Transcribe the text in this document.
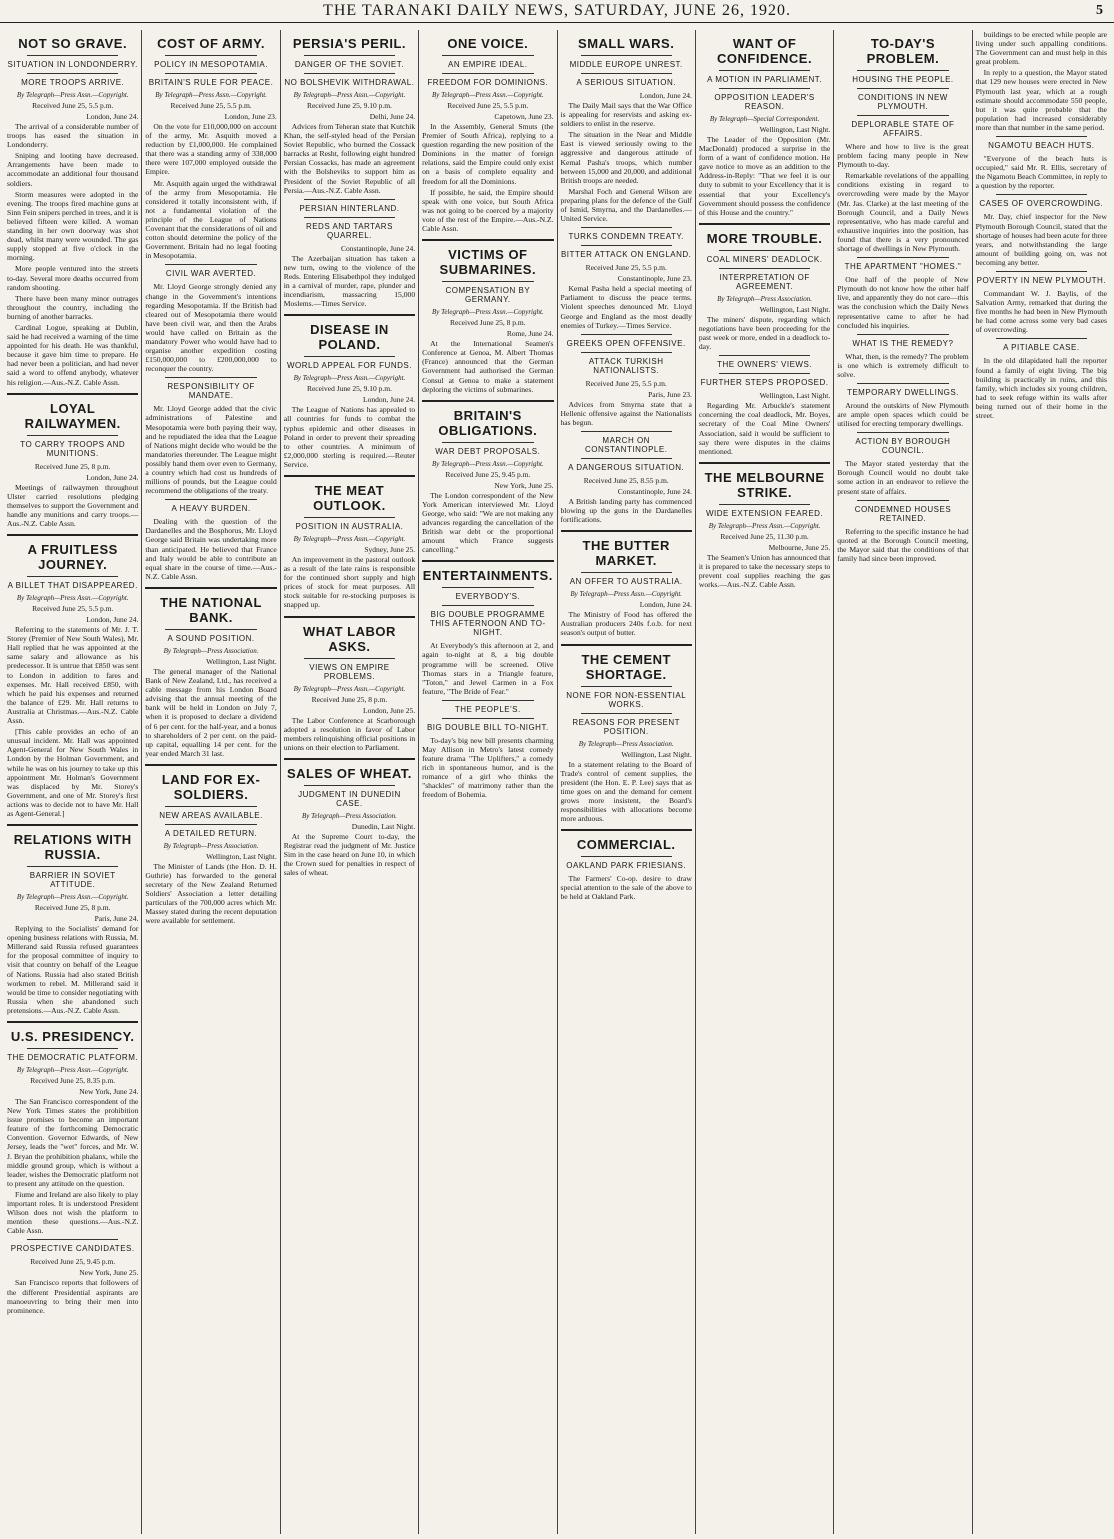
THE TARANAKI DAILY NEWS, SATURDAY, JUNE 26, 1920.	5
NOT SO GRAVE.
SITUATION IN LONDONDERRY.
MORE TROOPS ARRIVE.
By Telegraph—Press Assn.—Copyright.
Received June 25, 5.5 p.m.
London, June 24.

The arrival of a considerable number of troops has eased the situation in Londonderry.

Sniping and looting have decreased. Arrangements have been made to accommodate an additional four thousand soldiers.

Storm measures were adopted in the evening. The troops fired machine guns at Sinn Fein snipers perched in trees, and it is believed fifteen were killed. A woman standing in her own doorway was shot dead, whilst many were wounded. The gas supply stopped at five o'clock in the morning.

More people ventured into the streets to-day. Several more deaths occurred from random shooting.

There have been many minor outrages throughout the country, including the burning of another barracks.

Cardinal Logue, speaking at Dublin, said he had received a warning of the time appointed for his death. He was thankful, because it gave him time to prepare. He had never been a politician, and had never said a word to offend anybody, whatever his religion.—Aus.-N.Z. Cable Assn.

LOYAL RAILWAYMEN.
TO CARRY TROOPS AND MUNITIONS.
Received June 25, 8 p.m.
London, June 24.

Meetings of railwaymen throughout Ulster carried resolutions pledging themselves to support the Government and handle any munitions and carry troops.—Aus.-N.Z. Cable Assn.

A FRUITLESS JOURNEY.
A BILLET THAT DISAPPEARED.
By Telegraph—Press Assn.—Copyright.
Received June 25, 5.5 p.m.
London, June 24.

Referring to the statements of Mr. J. T. Storey (Premier of New South Wales), Mr. Hall replied that he was appointed at the same salary and allowance as his predecessor. It is untrue that £850 was sent to London in addition to fares and expenses. Mr. Hall received £850, with which he paid his expenses and returned the balance of £29. Mr. Hall returns to Australia at Christmas.—Aus.-N.Z. Cable Assn.

[This cable provides an echo of an unusual incident. Mr. Hall was appointed Agent-General for New South Wales in London by the Holman Government, and while he was on his journey to take up this appointment Mr. Holman's Government was displaced by Mr. Storey's Government, and one of Mr. Storey's first actions was to decide not to have Mr. Hall as Agent-General.]

RELATIONS WITH RUSSIA.
BARRIER IN SOVIET ATTITUDE.
By Telegraph—Press Assn.—Copyright.
Received June 25, 8 p.m.
Paris, June 24.

Replying to the Socialists' demand for opening business relations with Russia, M. Millerand said Russia refused guarantees for the proposal committee of inquiry to visit that country on behalf of the League of Nations. Russia had also stated British workmen to rebel. M. Millerand said it would be time to consider negotiating with Russia when she abandoned such pretensions.—Aus.-N.Z. Cable Assn.

U.S. PRESIDENCY.
THE DEMOCRATIC PLATFORM.
By Telegraph—Press Assn.—Copyright.
Received June 25, 8.35 p.m.
New York, June 24.

The San Francisco correspondent of the New York Times states the prohibition issue promises to become an important feature of the forthcoming Democratic Convention. Governor Edwards, of New Jersey, leads the "wet" forces, and Mr. W. J. Bryan the prohibition phalanx, while the middle ground group, which is without a leader, wishes the Democratic platform not to present any attitude on the question.

Fiume and Ireland are also likely to play important roles. It is understood President Wilson does not wish the platform to mention these questions.—Aus.-N.Z. Cable Assn.

PROSPECTIVE CANDIDATES.
Received June 25, 9.45 p.m.
New York, June 25.

San Francisco reports that followers of the different Presidential aspirants are manoeuvring to bring their men into prominence.

COST OF ARMY.
POLICY IN MESOPOTAMIA.
BRITAIN'S RULE FOR PEACE.
By Telegraph—Press Assn.—Copyright.
Received June 25, 5.5 p.m.
London, June 23.

On the vote for £10,000,000 on account of the army, Mr. Asquith moved a reduction by £1,000,000. He complained that there was a standing army of 338,000 there were 107,000 employed outside the Empire.

Mr. Asquith again urged the withdrawal of the army from Mesopotamia. He considered it totally inconsistent with, if not a fundamental violation of the principle of the League of Nations Covenant that the considerations of oil and cotton should determine the policy of the Government. Britain had no legal footing in Mesopotamia.

CIVIL WAR AVERTED.

Mr. Lloyd George strongly denied any change in the Government's intentions regarding Mesopotamia. If the British had cleared out of Mesopotamia there would have been civil war, and then the Arabs would have called on Britain as the mandatory Power who would have had to organise another expedition costing £150,000,000 to £200,000,000 to reconquer the country.

RESPONSIBILITY OF MANDATE.

Mr. Lloyd George added that the civic administrations of Palestine and Mesopotamia were both paying their way, and he repudiated the idea that the League of Nations might decide who would be the mandatories thereunder. The League might possibly hand them over even to Germany, a country which had cost us hundreds of millions of pounds, but the League could recommend the obligations of the treaty.

A HEAVY BURDEN.

Dealing with the question of the Dardanelles and the Bosphorus, Mr. Lloyd George said Britain was undertaking more than anticipated. He believed that France and Italy would be able to contribute an equal share in the course of time.—Aus.-N.Z. Cable Assn.

THE NATIONAL BANK.
A SOUND POSITION.
By Telegraph—Press Association.
Wellington, Last Night.

The general manager of the National Bank of New Zealand, Ltd., has received a cable message from his London Board advising that the annual meeting of the bank will be held in London on July 7, when it is proposed to declare a dividend of 6 per cent. for the half-year, and a bonus to shareholders of 2 per cent. on the paid-up capital, equalling 14 per cent. for the year ended March 31 last.

LAND FOR EX-SOLDIERS.
NEW AREAS AVAILABLE.
A DETAILED RETURN.
By Telegraph—Press Association.
Wellington, Last Night.

The Minister of Lands (the Hon. D. H. Guthrie) has forwarded to the general secretary of the New Zealand Returned Soldiers' Association a letter detailing particulars of the 700,000 acres which Mr. Massey stated during the recent deputation were available for settlement.

PERSIA'S PERIL.
DANGER OF THE SOVIET.
NO BOLSHEVIK WITHDRAWAL.
By Telegraph—Press Assn.—Copyright.
Received June 25, 9.10 p.m.
Delhi, June 24.

Advices from Teheran state that Kutchik Khan, the self-styled head of the Persian Soviet Republic, who burned the Cossack barracks at Resht, following eight hundred Persian Cossacks, has made an agreement with the Bolsheviks to support him as President of the Soviet Republic of all Persia.—Aus.-N.Z. Cable Assn.

PERSIAN HINTERLAND.
REDS AND TARTARS QUARREL.
Constantinople, June 24.

The Azerbaijan situation has taken a new turn, owing to the violence of the Reds. Entering Elisabethpol they indulged in a carnival of murder, rape, plunder and incendiarism, massacring 15,000 Moslems.—Times Service.

DISEASE IN POLAND.
WORLD APPEAL FOR FUNDS.
By Telegraph—Press Assn.—Copyright.
Received June 25, 9.10 p.m.
London, June 24.

The League of Nations has appealed to all countries for funds to combat the typhus epidemic and other diseases in Poland in order to prevent their spreading to other countries. A minimum of £2,000,000 sterling is required.—Reuter Service.

THE MEAT OUTLOOK.
POSITION IN AUSTRALIA.
By Telegraph—Press Assn.—Copyright.
Sydney, June 25.

An improvement in the pastoral outlook as a result of the late rains is responsible for the continued short supply and high prices of stock for meat purposes. All stock suitable for re-stocking purposes is snapped up.

WHAT LABOR ASKS.
VIEWS ON EMPIRE PROBLEMS.
By Telegraph—Press Assn.—Copyright.
Received June 25, 8 p.m.
London, June 25.

The Labor Conference at Scarborough adopted a resolution in favor of Labor members relinquishing official positions in unions on their election to Parliament.

SALES OF WHEAT.
JUDGMENT IN DUNEDIN CASE.
By Telegraph—Press Association.
Dunedin, Last Night.

At the Supreme Court to-day, the Registrar read the judgment of Mr. Justice Sim in the case heard on June 10, in which the Crown sued for penalties in respect of sales of wheat.

ONE VOICE.
AN EMPIRE IDEAL.
FREEDOM FOR DOMINIONS.
By Telegraph—Press Assn.—Copyright.
Received June 25, 5.5 p.m.
Capetown, June 23.

In the Assembly, General Smuts (the Premier of South Africa), replying to a question regarding the new position of the Dominions in the matter of foreign relations, said the Empire could only exist on a basis of complete equality and freedom for all the Dominions.

If possible, he said, the Empire should speak with one voice, but South Africa was not going to be coerced by a majority vote of the rest of the Empire.—Aus.-N.Z. Cable Assn.

VICTIMS OF SUBMARINES.
COMPENSATION BY GERMANY.
By Telegraph—Press Assn.—Copyright.
Received June 25, 8 p.m.
Rome, June 24.

At the International Seamen's Conference at Genoa, M. Albert Thomas (France) announced that the German Government had authorised the German Consul at Genoa to make a statement deploring the victims of submarines.

BRITAIN'S OBLIGATIONS.
WAR DEBT PROPOSALS.
By Telegraph—Press Assn.—Copyright.
Received June 25, 9.45 p.m.
New York, June 25.

The London correspondent of the New York American interviewed Mr. Lloyd George, who said: "We are not making any advances regarding the cancellation of the British war debt or the proportional amount which France suggests cancelling."

ENTERTAINMENTS.
EVERYBODY'S.
BIG DOUBLE PROGRAMME THIS AFTERNOON AND TO-NIGHT.

At Everybody's this afternoon at 2, and again to-night at 8, a big double programme will be screened. Olive Thomas stars in a Triangle feature, "Toton," and Jewel Carmen in a Fox feature, "The Bride of Fear."

THE PEOPLE'S.
BIG DOUBLE BILL TO-NIGHT.

To-day's big new bill presents charming May Allison in Metro's latest comedy feature drama "The Uplifters," a comedy rich in spontaneous humor, and is the romance of a girl who thinks the "shackles" of matrimony rather than the freedom of Bohemia.

SMALL WARS.
MIDDLE EUROPE UNREST.
A SERIOUS SITUATION.
London, June 24.

The Daily Mail says that the War Office is appealing for reservists and asking ex-soldiers to enlist in the reserve.

The situation in the Near and Middle East is viewed seriously owing to the aggressive and dangerous attitude of Kemal Pasha's troops, which number between 15,000 and 20,000, and additional British troops are needed.

Marshal Foch and General Wilson are preparing plans for the defence of the Gulf of Ismid, Smyrna, and the Dardanelles.—United Service.

TURKS CONDEMN TREATY.
BITTER ATTACK ON ENGLAND.
Received June 25, 5.5 p.m.
Constantinople, June 23.

Kemal Pasha held a special meeting of Parliament to discuss the peace terms. Violent speeches denounced Mr. Lloyd George and England as the most deadly enemies of Turkey.—Times Service.

GREEKS OPEN OFFENSIVE.
ATTACK TURKISH NATIONALISTS.
Received June 25, 5.5 p.m.
Paris, June 23.

Advices from Smyrna state that a Hellenic offensive against the Nationalists has begun.

MARCH ON CONSTANTINOPLE.
A DANGEROUS SITUATION.
Received June 25, 8.55 p.m.
Constantinople, June 24.

A British landing party has commenced blowing up the guns in the Dardanelles fortifications.

THE BUTTER MARKET.
AN OFFER TO AUSTRALIA.
By Telegraph—Press Assn.—Copyright.
London, June 24.

The Ministry of Food has offered the Australian producers 240s f.o.b. for next season's output of butter.

THE CEMENT SHORTAGE.
NONE FOR NON-ESSENTIAL WORKS.
REASONS FOR PRESENT POSITION.
By Telegraph—Press Association.
Wellington, Last Night.

In a statement relating to the Board of Trade's control of cement supplies, the president (the Hon. E. P. Lee) says that as time goes on and the demand for cement grows more insistent, the Board's responsibilities with allocations become more arduous.

COMMERCIAL.
OAKLAND PARK FRIESIANS.

The Farmers' Co-op. desire to draw special attention to the sale of the above to be held at Oakland Park.

WANT OF CONFIDENCE.
A MOTION IN PARLIAMENT.
OPPOSITION LEADER'S REASON.
By Telegraph—Special Correspondent.
Wellington, Last Night.

The Leader of the Opposition (Mr. MacDonald) produced a surprise in the form of a want of confidence motion. He gave notice to move as an addition to the Address-in-Reply: "That we feel it is our duty to submit to your Excellency that it is essential that your Excellency's Government should possess the confidence of this House and the country."

MORE TROUBLE.
COAL MINERS' DEADLOCK.
INTERPRETATION OF AGREEMENT.
By Telegraph—Press Association.
Wellington, Last Night.

The miners' dispute, regarding which negotiations have been proceeding for the past week or more, ended in a deadlock to-day.

THE OWNERS' VIEWS.
FURTHER STEPS PROPOSED.
Wellington, Last Night.

Regarding Mr. Arbuckle's statement concerning the coal deadlock, Mr. Boyes, secretary of the Coal Mine Owners' Association, said it would be sufficient to say there were disputes in the claims mentioned.

THE MELBOURNE STRIKE.
WIDE EXTENSION FEARED.
By Telegraph—Press Assn.—Copyright.
Received June 25, 11.30 p.m.
Melbourne, June 25.

The Seamen's Union has announced that it is prepared to take the necessary steps to prevent coal supplies reaching the gas works.—Aus.-N.Z. Cable Assn.

TO-DAY'S PROBLEM.
HOUSING THE PEOPLE.
CONDITIONS IN NEW PLYMOUTH.
DEPLORABLE STATE OF AFFAIRS.

Where and how to live is the great problem facing many people in New Plymouth to-day.

Remarkable revelations of the appalling conditions existing in regard to overcrowding were made by the Mayor (Mr. Jas. Clarke) at the last meeting of the Borough Council, and a Daily News representative, who has made careful and exhaustive inquiries into the position, has found that there is a very pronounced shortage of dwellings in New Plymouth.

THE APARTMENT "HOMES."

One half of the people of New Plymouth do not know how the other half live, and apparently they do not care—this was the conclusion which the Daily News representative came to after he had concluded his inquiries.

WHAT IS THE REMEDY?

What, then, is the remedy? The problem is one which is extremely difficult to solve.

TEMPORARY DWELLINGS.

Around the outskirts of New Plymouth are ample open spaces which could be utilised for erecting temporary dwellings.

ACTION BY BOROUGH COUNCIL.

The Mayor stated yesterday that the Borough Council would no doubt take some action in an endeavor to relieve the present state of affairs.

CONDEMNED HOUSES RETAINED.

Referring to the specific instance he had quoted at the Borough Council meeting, the Mayor said that the conditions of that family had since been improved.

buildings to be erected while people are living under such appalling conditions. The Government can and must help in this great problem.

In reply to a question, the Mayor stated that 129 new houses were erected in New Plymouth last year, which at a rough estimate should accommodate 550 people, but it was quite probable that the population had increased considerably more than that number in the same period.

NGAMOTU BEACH HUTS.

"Everyone of the beach huts is occupied," said Mr. R. Ellis, secretary of the Ngamotu Beach Committee, in reply to a question by the reporter.

CASES OF OVERCROWDING.

Mr. Day, chief inspector for the New Plymouth Borough Council, stated that the shortage of houses had been acute for three years, and notwithstanding the large amount of building going on, was not becoming any better.

POVERTY IN NEW PLYMOUTH.

Commandant W. J. Baylis, of the Salvation Army, remarked that during the five months he had been in New Plymouth he had come across some very bad cases of overcrowding.

A PITIABLE CASE.

In the old dilapidated hall the reporter found a family of eight living. The big building is practically in ruins, and this family, which includes six young children, had to seek refuge within its walls after being turned out of their home in the street.
